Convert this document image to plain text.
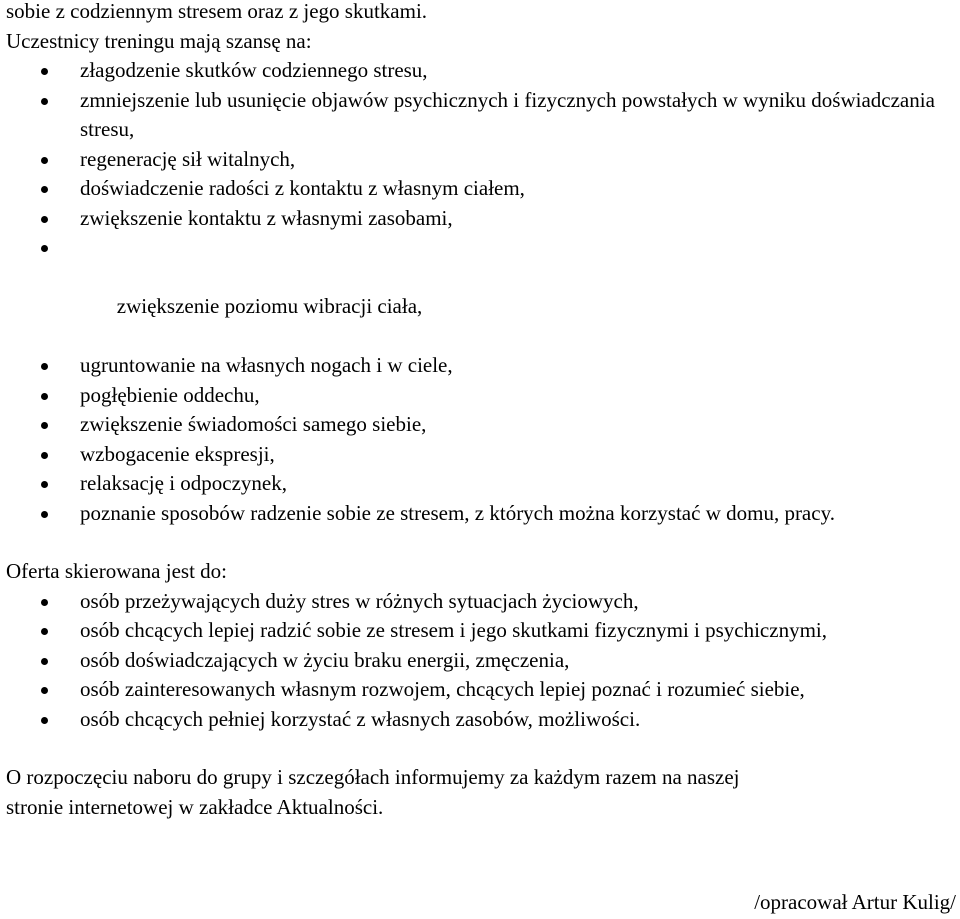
sobie z codziennym stresem oraz z jego skutkami.

Uczestnicy treningu mają szansę na:

złagodzenie skutków codziennego stresu,
zmniejszenie lub usunięcie objawów psychicznych i fizycznych powstałych w wyniku doświadczania stresu,
regenerację sił witalnych,
doświadczenie radości z kontaktu z własnym ciałem,
zwiększenie kontaktu z własnymi zasobami,

zwiększenie poziomu wibracji ciała,

ugruntowanie na własnych nogach i w ciele,
pogłębienie oddechu,
zwiększenie świadomości samego siebie,
wzbogacenie ekspresji,
relaksację i odpoczynek,
poznanie sposobów radzenie sobie ze stresem, z których można korzystać w domu, pracy.

Oferta skierowana jest do:

osób przeżywających duży stres w różnych sytuacjach życiowych,
osób chcących lepiej radzić sobie ze stresem i jego skutkami fizycznymi i psychicznymi,
osób doświadczających w życiu braku energii, zmęczenia,
osób zainteresowanych własnym rozwojem, chcących lepiej poznać i rozumieć siebie,
osób chcących pełniej korzystać z własnych zasobów, możliwości.

O rozpoczęciu naboru do grupy i szczegółach informujemy za każdym razem na naszej

stronie internetowej w zakładce Aktualności.

/opracował Artur Kulig/
